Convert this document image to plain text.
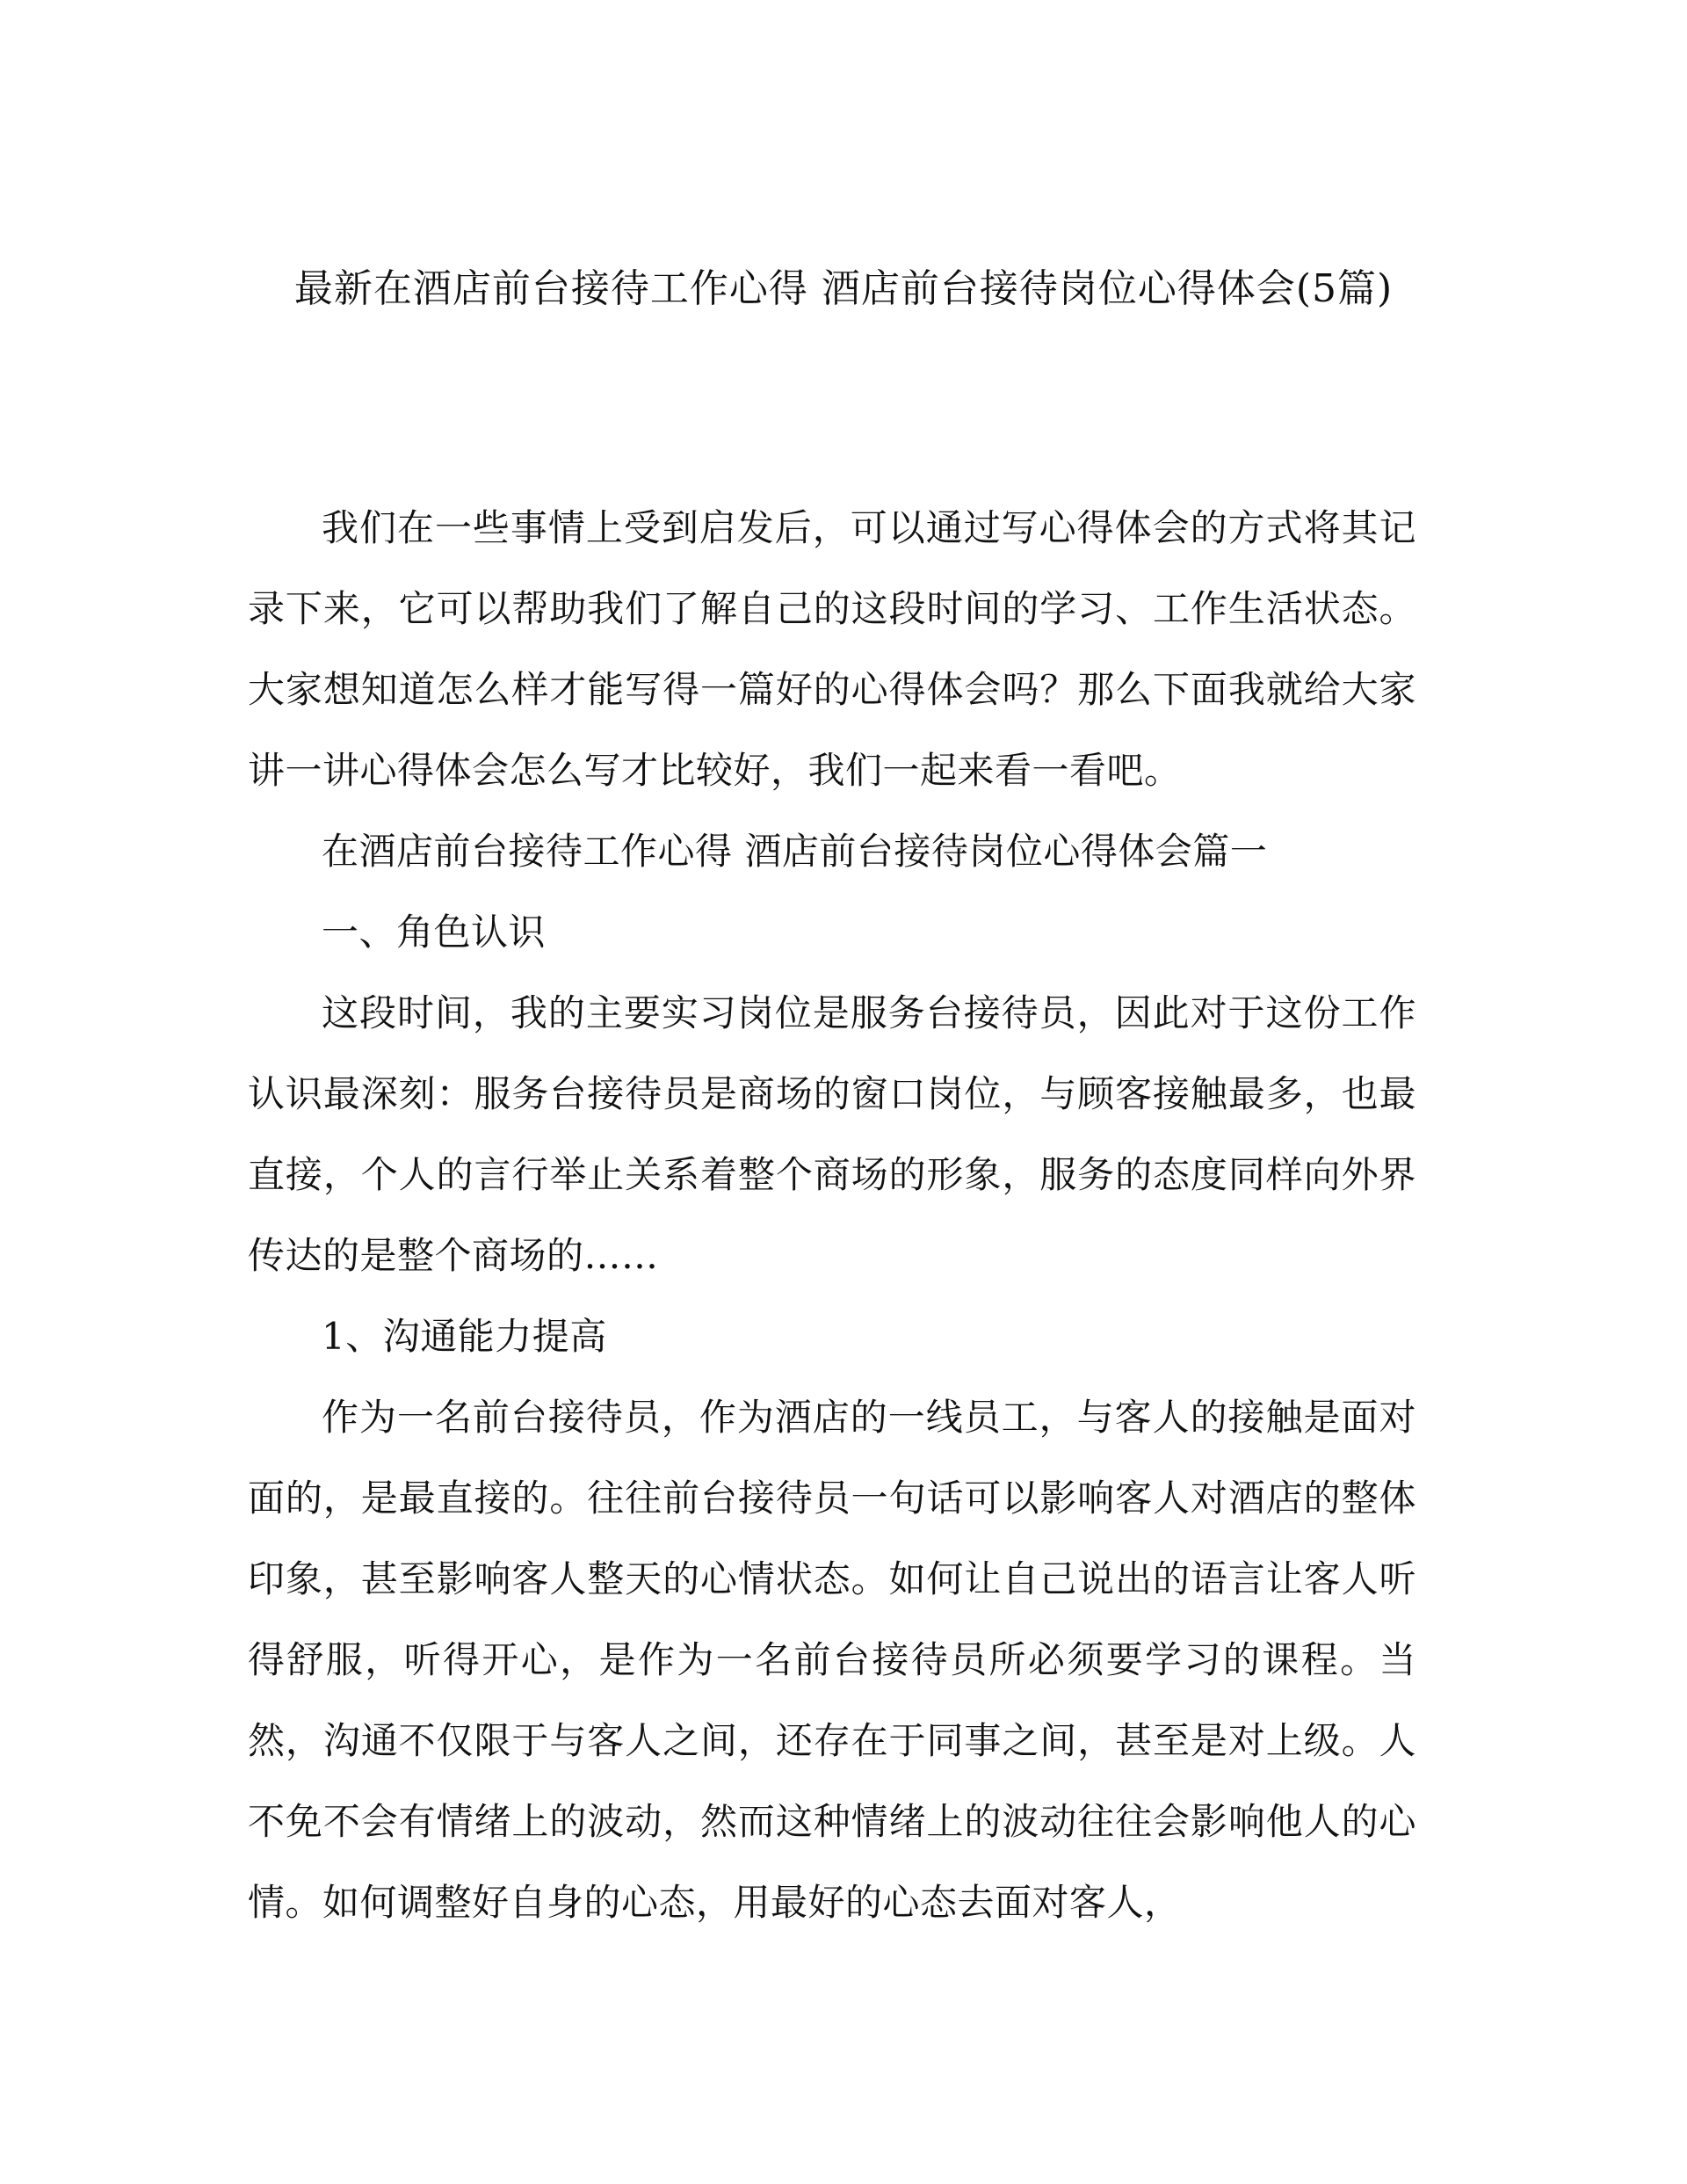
最新在酒店前台接待工作心得 酒店前台接待岗位心得体会(5篇)

我们在一些事情上受到启发后，可以通过写心得体会的方式将其记录下来，它可以帮助我们了解自己的这段时间的学习、工作生活状态。大家想知道怎么样才能写得一篇好的心得体会吗？那么下面我就给大家讲一讲心得体会怎么写才比较好，我们一起来看一看吧。

在酒店前台接待工作心得 酒店前台接待岗位心得体会篇一

一、角色认识

这段时间，我的主要实习岗位是服务台接待员，因此对于这份工作认识最深刻：服务台接待员是商场的窗口岗位，与顾客接触最多，也最直接，个人的言行举止关系着整个商场的形象，服务的态度同样向外界传达的是整个商场的……

1、沟通能力提高

作为一名前台接待员，作为酒店的一线员工，与客人的接触是面对面的，是最直接的。往往前台接待员一句话可以影响客人对酒店的整体印象，甚至影响客人整天的心情状态。如何让自己说出的语言让客人听得舒服，听得开心，是作为一名前台接待员所必须要学习的课程。当然，沟通不仅限于与客人之间，还存在于同事之间，甚至是对上级。人不免不会有情绪上的波动，然而这种情绪上的波动往往会影响他人的心情。如何调整好自身的心态，用最好的心态去面对客人，
